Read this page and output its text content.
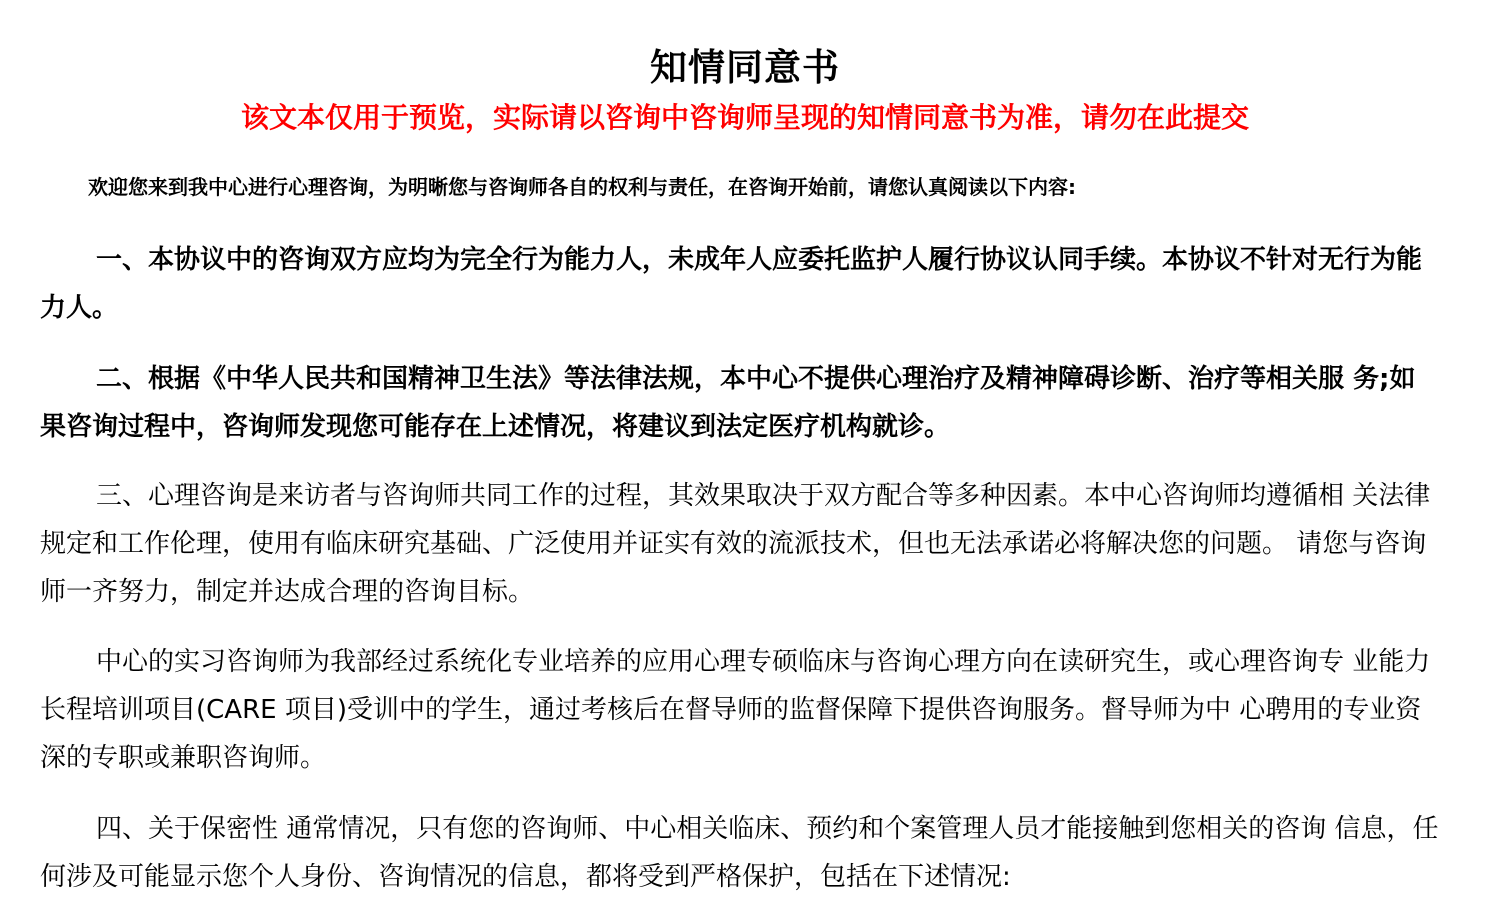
知情同意书
该文本仅用于预览，实际请以咨询中咨询师呈现的知情同意书为准，请勿在此提交
欢迎您来到我中心进行心理咨询，为明晰您与咨询师各自的权利与责任，在咨询开始前，请您认真阅读以下内容:

一、本协议中的咨询双方应均为完全行为能力人，未成年人应委托监护人履行协议认同手续。本协议不针对无行为能力人。

二、根据《中华人民共和国精神卫生法》等法律法规，本中心不提供心理治疗及精神障碍诊断、治疗等相关服 务;如果咨询过程中，咨询师发现您可能存在上述情况，将建议到法定医疗机构就诊。

三、心理咨询是来访者与咨询师共同工作的过程，其效果取决于双方配合等多种因素。本中心咨询师均遵循相 关法律规定和工作伦理，使用有临床研究基础、广泛使用并证实有效的流派技术，但也无法承诺必将解决您的问题。 请您与咨询师一齐努力，制定并达成合理的咨询目标。

中心的实习咨询师为我部经过系统化专业培养的应用心理专硕临床与咨询心理方向在读研究生，或心理咨询专 业能力长程培训项目(CARE 项目)受训中的学生，通过考核后在督导师的监督保障下提供咨询服务。督导师为中 心聘用的专业资深的专职或兼职咨询师。

四、关于保密性 通常情况，只有您的咨询师、中心相关临床、预约和个案管理人员才能接触到您相关的咨询 信息，任何涉及可能显示您个人身份、咨询情况的信息，都将受到严格保护，包括在下述情况:
